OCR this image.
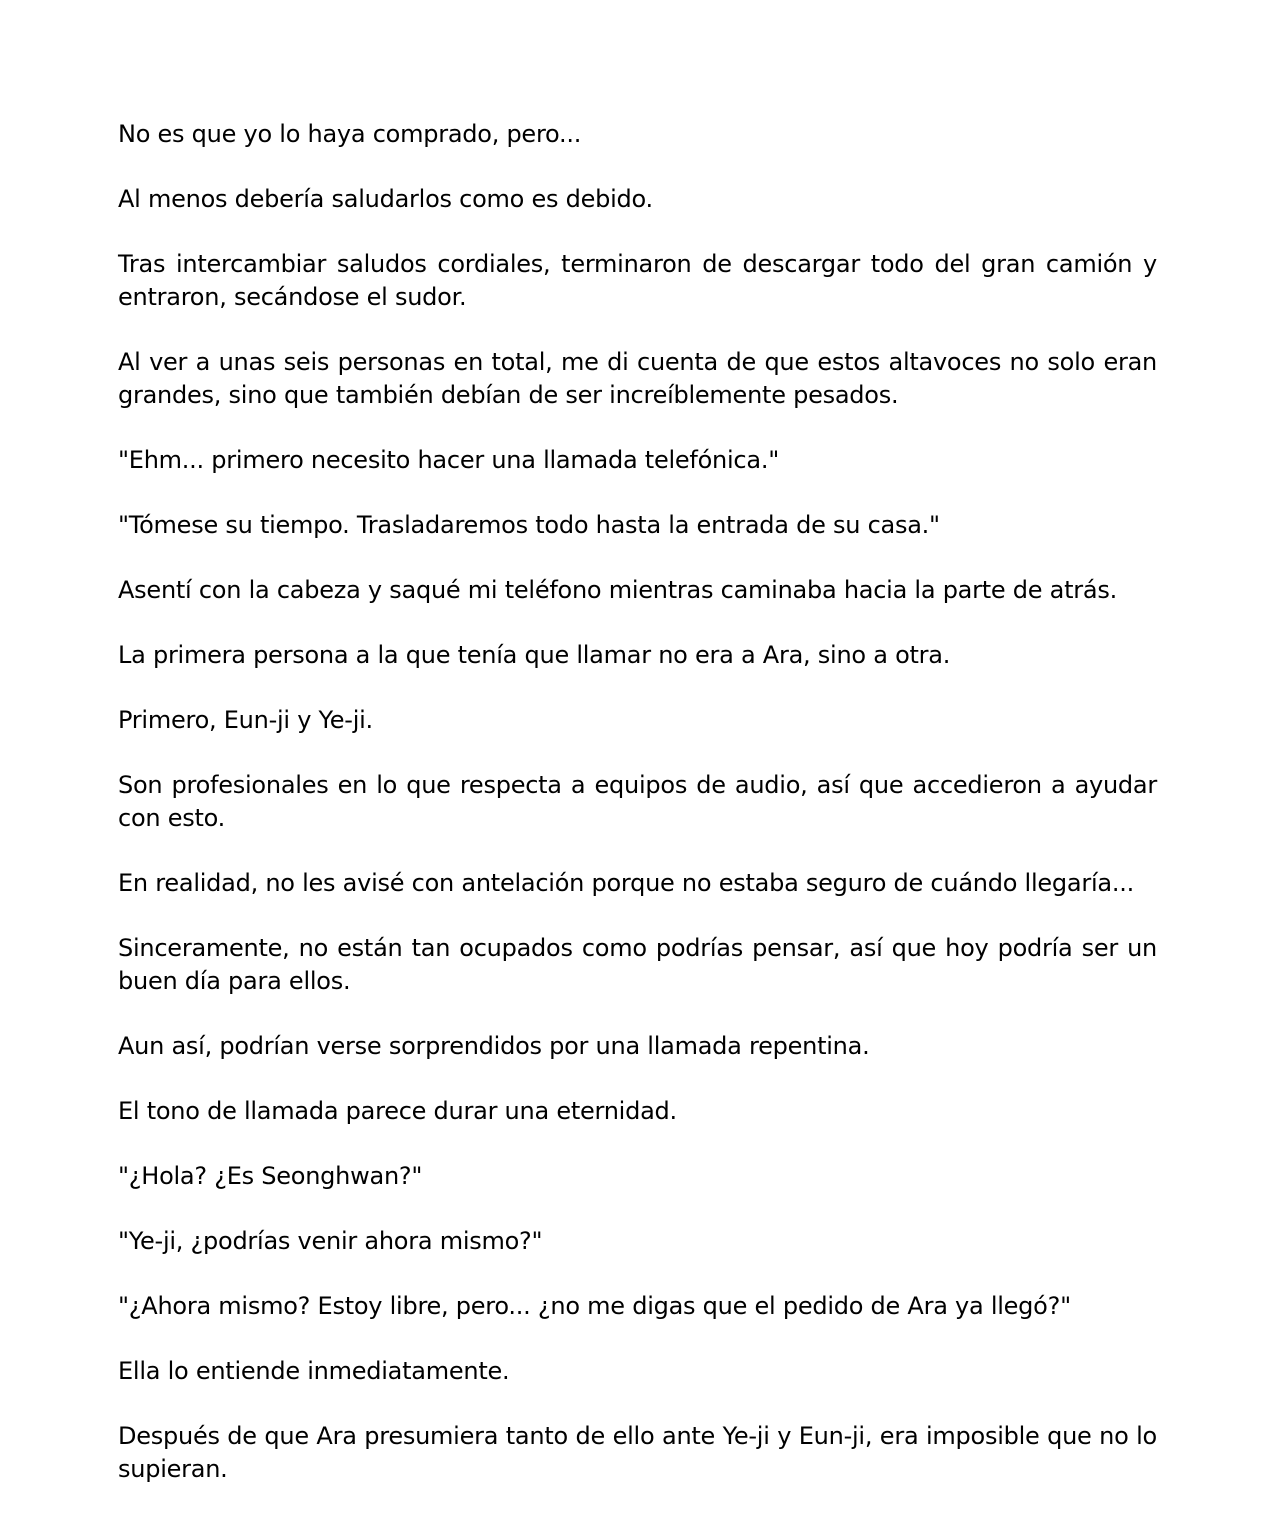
No es que yo lo haya comprado, pero...

Al menos debería saludarlos como es debido.

Tras intercambiar saludos cordiales, terminaron de descargar todo del gran camión y entraron, secándose el sudor.

Al ver a unas seis personas en total, me di cuenta de que estos altavoces no solo eran grandes, sino que también debían de ser increíblemente pesados.

"Ehm... primero necesito hacer una llamada telefónica."

"Tómese su tiempo. Trasladaremos todo hasta la entrada de su casa."

Asentí con la cabeza y saqué mi teléfono mientras caminaba hacia la parte de atrás.

La primera persona a la que tenía que llamar no era a Ara, sino a otra.

Primero, Eun-ji y Ye-ji.

Son profesionales en lo que respecta a equipos de audio, así que accedieron a ayudar con esto.

En realidad, no les avisé con antelación porque no estaba seguro de cuándo llegaría...

Sinceramente, no están tan ocupados como podrías pensar, así que hoy podría ser un buen día para ellos.

Aun así, podrían verse sorprendidos por una llamada repentina.

El tono de llamada parece durar una eternidad.

"¿Hola? ¿Es Seonghwan?"

"Ye-ji, ¿podrías venir ahora mismo?"

"¿Ahora mismo? Estoy libre, pero... ¿no me digas que el pedido de Ara ya llegó?"

Ella lo entiende inmediatamente.

Después de que Ara presumiera tanto de ello ante Ye-ji y Eun-ji, era imposible que no lo supieran.
